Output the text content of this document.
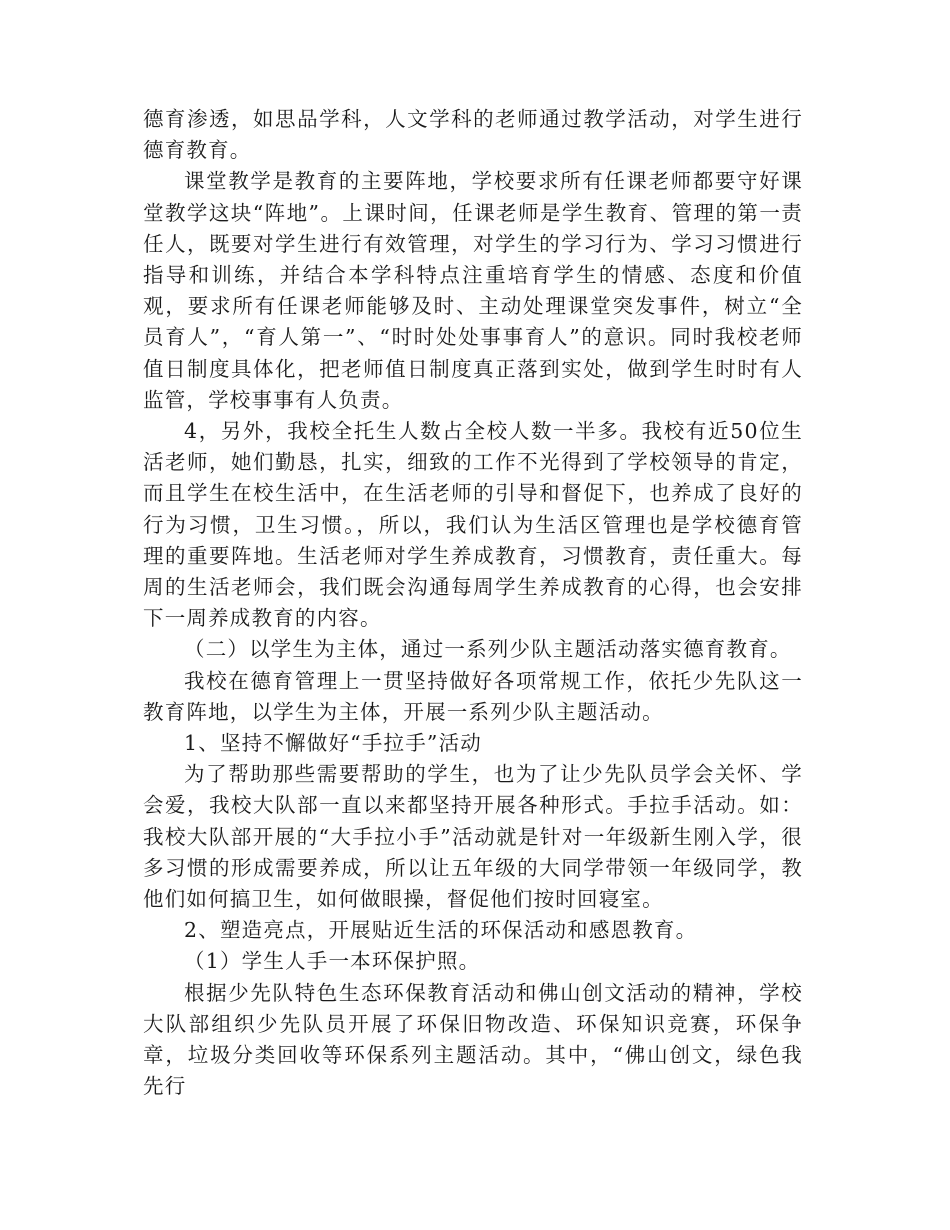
德育渗透，如思品学科，人文学科的老师通过教学活动，对学生进行德育教育。

课堂教学是教育的主要阵地，学校要求所有任课老师都要守好课堂教学这块“阵地”。上课时间，任课老师是学生教育、管理的第一责任人，既要对学生进行有效管理，对学生的学习行为、学习习惯进行指导和训练，并结合本学科特点注重培育学生的情感、态度和价值观，要求所有任课老师能够及时、主动处理课堂突发事件，树立“全员育人”，“育人第一”、“时时处处事事育人”的意识。同时我校老师值日制度具体化，把老师值日制度真正落到实处，做到学生时时有人监管，学校事事有人负责。

4，另外，我校全托生人数占全校人数一半多。我校有近50位生活老师，她们勤恳，扎实，细致的工作不光得到了学校领导的肯定，而且学生在校生活中，在生活老师的引导和督促下，也养成了良好的行为习惯，卫生习惯。，所以，我们认为生活区管理也是学校德育管理的重要阵地。生活老师对学生养成教育，习惯教育，责任重大。每周的生活老师会，我们既会沟通每周学生养成教育的心得，也会安排下一周养成教育的内容。

（二）以学生为主体，通过一系列少队主题活动落实德育教育。

我校在德育管理上一贯坚持做好各项常规工作，依托少先队这一教育阵地，以学生为主体，开展一系列少队主题活动。

1、坚持不懈做好“手拉手”活动

为了帮助那些需要帮助的学生，也为了让少先队员学会关怀、学会爱，我校大队部一直以来都坚持开展各种形式。手拉手活动。如：我校大队部开展的“大手拉小手”活动就是针对一年级新生刚入学，很多习惯的形成需要养成，所以让五年级的大同学带领一年级同学，教他们如何搞卫生，如何做眼操，督促他们按时回寝室。

2、塑造亮点，开展贴近生活的环保活动和感恩教育。

（1）学生人手一本环保护照。

根据少先队特色生态环保教育活动和佛山创文活动的精神，学校大队部组织少先队员开展了环保旧物改造、环保知识竞赛，环保争章，垃圾分类回收等环保系列主题活动。其中，“佛山创文，绿色我先行
